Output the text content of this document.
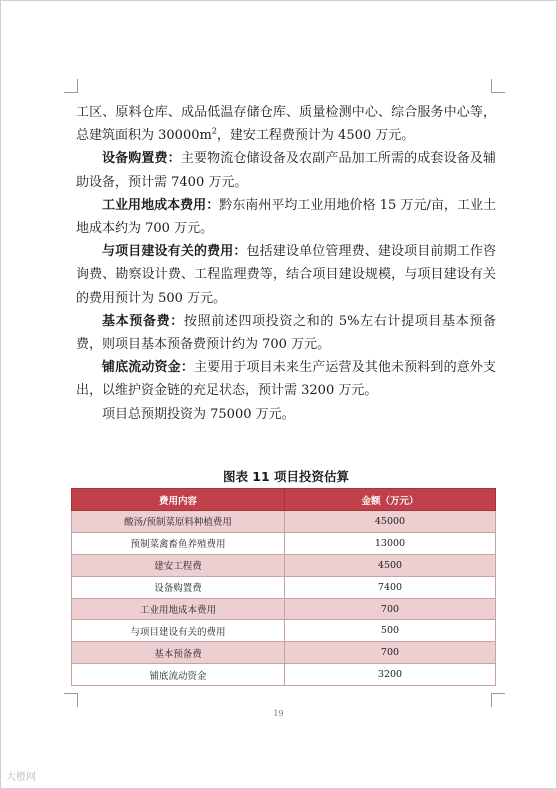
工区、原料仓库、成品低温存储仓库、质量检测中心、综合服务中心等，总建筑面积为 $30000m^2$，建安工程费预计为 4500 万元。

设备购置费：主要物流仓储设备及农副产品加工所需的成套设备及辅助设备，预计需 7400 万元。

工业用地成本费用：黔东南州平均工业用地价格 15 万元/亩，工业土地成本约为 700 万元。

与项目建设有关的费用：包括建设单位管理费、建设项目前期工作咨询费、勘察设计费、工程监理费等，结合项目建设规模，与项目建设有关的费用预计为 500 万元。

基本预备费：按照前述四项投资之和的 5%左右计提项目基本预备费，则项目基本预备费预计约为 700 万元。

铺底流动资金：主要用于项目未来生产运营及其他未预料到的意外支出，以维护资金链的充足状态，预计需 3200 万元。

项目总预期投资为 75000 万元。

图表 11 项目投资估算
费用内容	金额（万元）
酸汤/预制菜原料种植费用	45000
预制菜禽畜鱼养殖费用	13000
建安工程费	4500
设备购置费	7400
工业用地成本费用	700
与项目建设有关的费用	500
基本预备费	700
铺底流动资金	3200
19
大橙网
